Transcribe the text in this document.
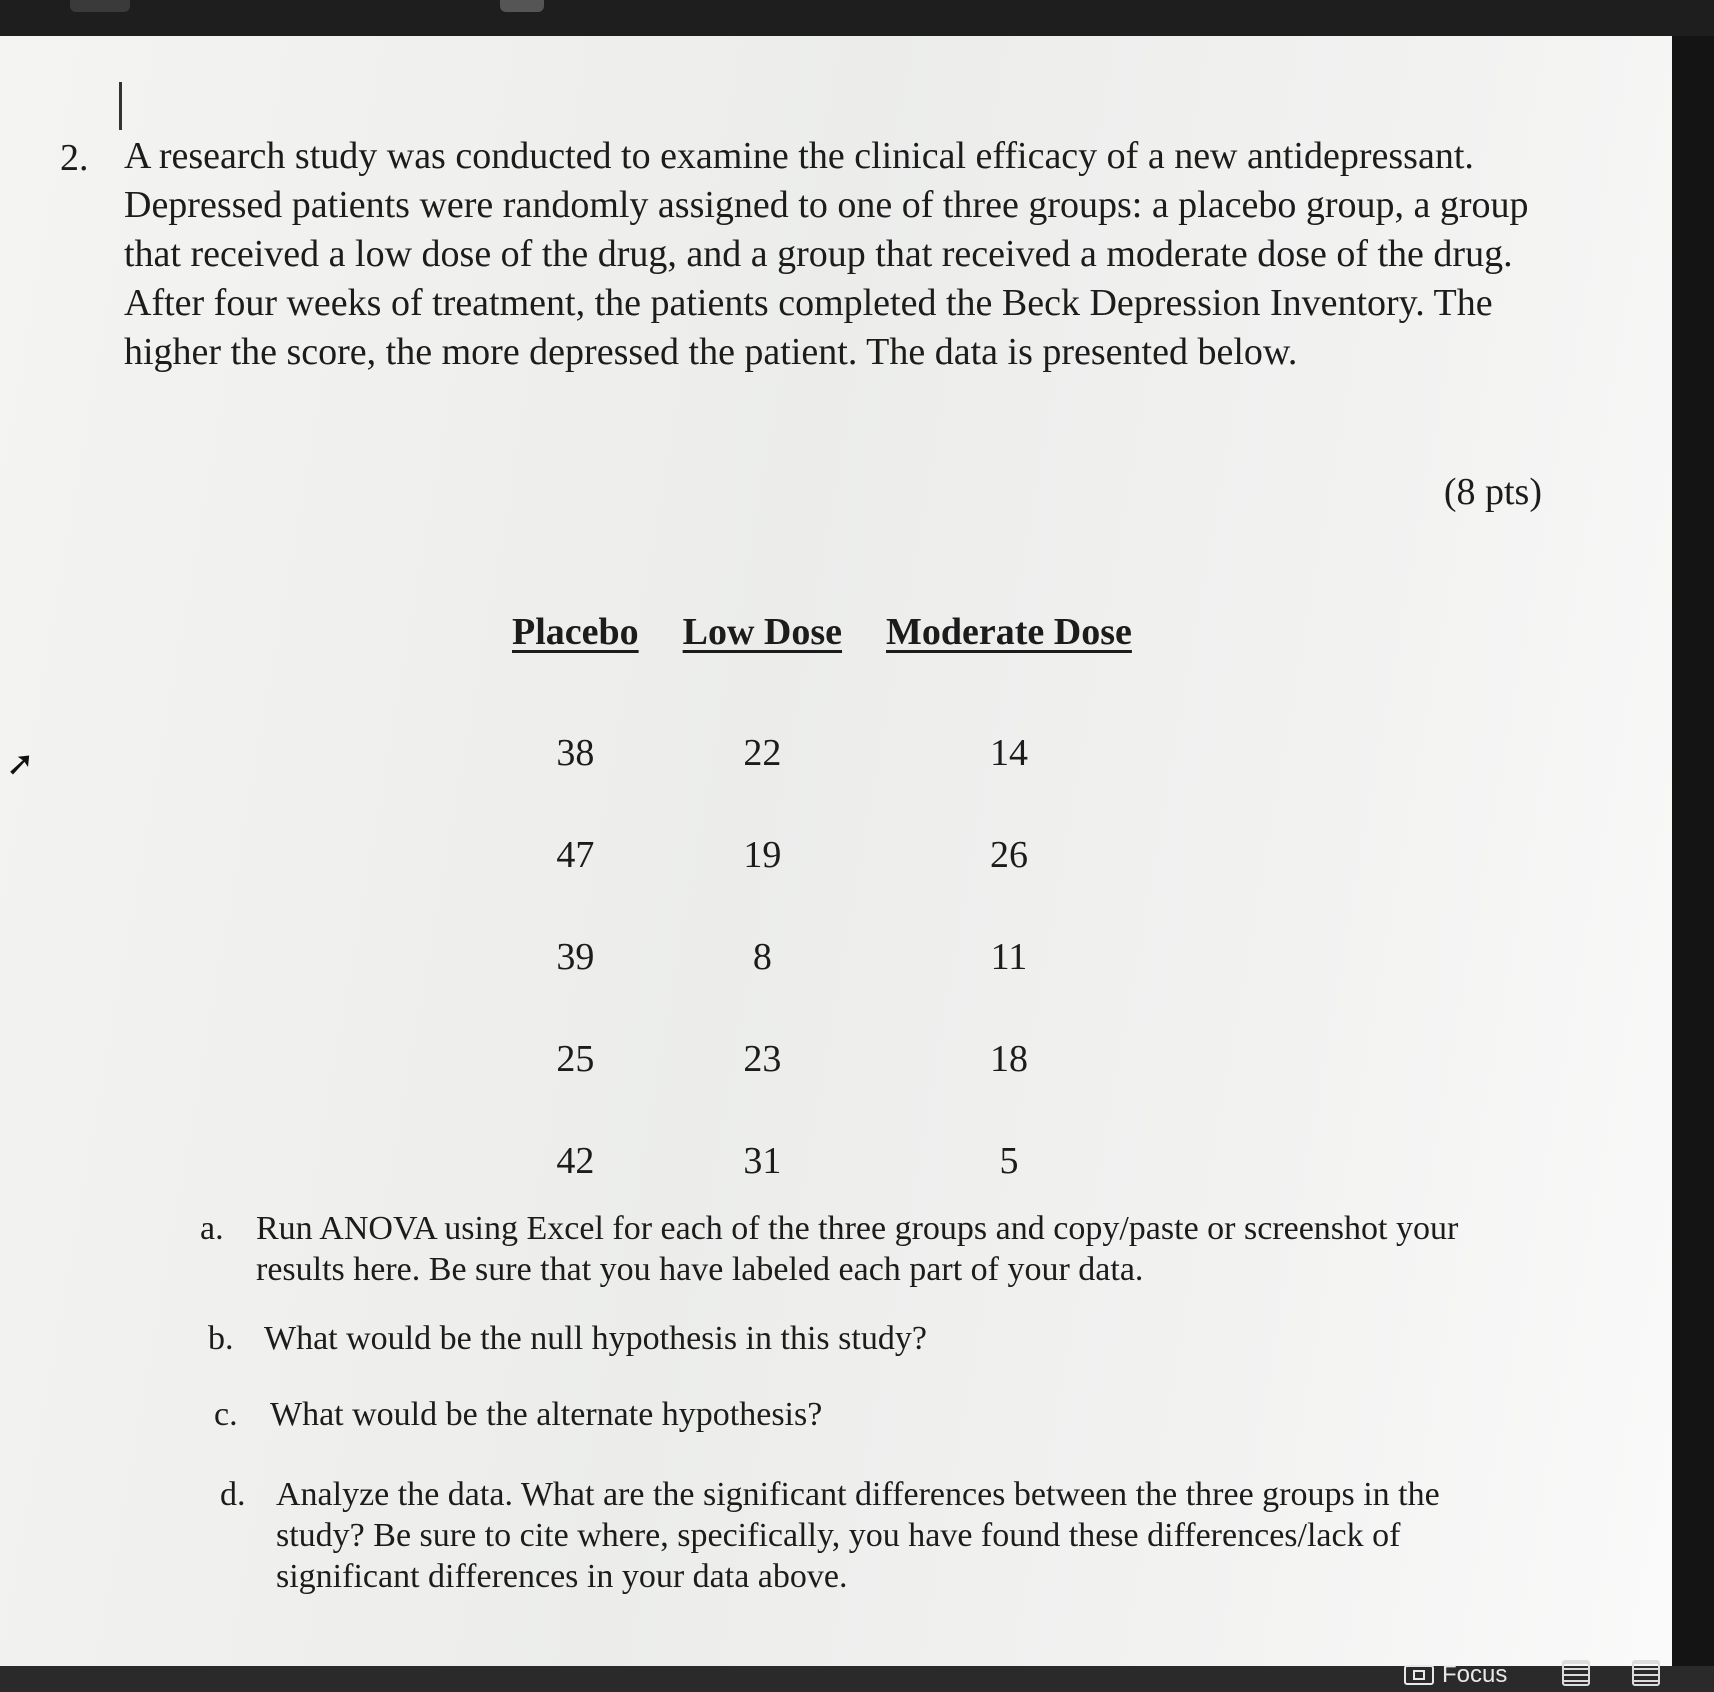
2. A research study was conducted to examine the clinical efficacy of a new antidepressant. Depressed patients were randomly assigned to one of three groups: a placebo group, a group that received a low dose of the drug, and a group that received a moderate dose of the drug. After four weeks of treatment, the patients completed the Beck Depression Inventory. The higher the score, the more depressed the patient. The data is presented below.

(8 pts)
Placebo	Low Dose	Moderate Dose

38	22	14
47	19	26
39	8	11
25	23	18
42	31	5
a. Run ANOVA using Excel for each of the three groups and copy/paste or screenshot your results here. Be sure that you have labeled each part of your data.
b. What would be the null hypothesis in this study?
c. What would be the alternate hypothesis?
d. Analyze the data. What are the significant differences between the three groups in the study? Be sure to cite where, specifically, you have found these differences/lack of significant differences in your data above.
➚
Focus
